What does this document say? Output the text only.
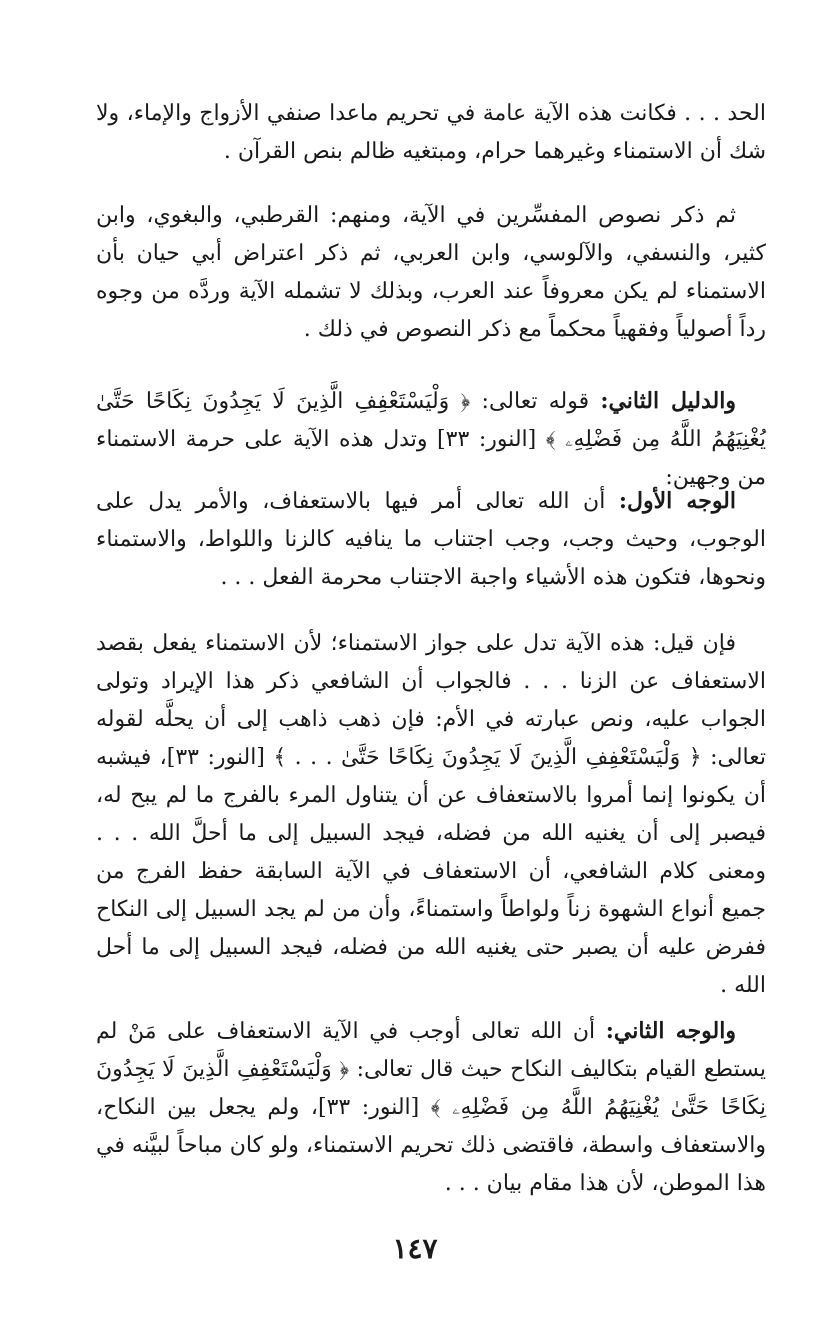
الحد . . . فكانت هذه الآية عامة في تحريم ماعدا صنفي الأزواج والإماء، ولا شك أن الاستمناء وغيرهما حرام، ومبتغيه ظالم بنص القرآن .

ثم ذكر نصوص المفسِّرين في الآية، ومنهم: القرطبي، والبغوي، وابن كثير، والنسفي، والآلوسي، وابن العربي، ثم ذكر اعتراض أبي حيان بأن الاستمناء لم يكن معروفاً عند العرب، وبذلك لا تشمله الآية وردَّه من وجوه رداً أصولياً وفقهياً محكماً مع ذكر النصوص في ذلك .

والدليل الثاني: قوله تعالى: ﴿ وَلْيَسْتَعْفِفِ الَّذِينَ لَا يَجِدُونَ نِكَاحًا حَتَّىٰ يُغْنِيَهُمُ اللَّهُ مِن فَضْلِهِۦ ﴾ [النور: ٣٣] وتدل هذه الآية على حرمة الاستمناء من وجهين:

الوجه الأول: أن الله تعالى أمر فيها بالاستعفاف، والأمر يدل على الوجوب، وحيث وجب، وجب اجتناب ما ينافيه كالزنا واللواط، والاستمناء ونحوها، فتكون هذه الأشياء واجبة الاجتناب محرمة الفعل . . .

فإن قيل: هذه الآية تدل على جواز الاستمناء؛ لأن الاستمناء يفعل بقصد الاستعفاف عن الزنا . . . فالجواب أن الشافعي ذكر هذا الإيراد وتولى الجواب عليه، ونص عبارته في الأم: فإن ذهب ذاهب إلى أن يحلَّه لقوله تعالى: ﴿ وَلْيَسْتَعْفِفِ الَّذِينَ لَا يَجِدُونَ نِكَاحًا حَتَّىٰ . . . ﴾ [النور: ٣٣]، فيشبه أن يكونوا إنما أمروا بالاستعفاف عن أن يتناول المرء بالفرج ما لم يبح له، فيصبر إلى أن يغنيه الله من فضله، فيجد السبيل إلى ما أحلَّ الله . . . ومعنى كلام الشافعي، أن الاستعفاف في الآية السابقة حفظ الفرج من جميع أنواع الشهوة زناً ولواطاً واستمناءً، وأن من لم يجد السبيل إلى النكاح ففرض عليه أن يصبر حتى يغنيه الله من فضله، فيجد السبيل إلى ما أحل الله .

والوجه الثاني: أن الله تعالى أوجب في الآية الاستعفاف على مَنْ لم يستطع القيام بتكاليف النكاح حيث قال تعالى: ﴿ وَلْيَسْتَعْفِفِ الَّذِينَ لَا يَجِدُونَ نِكَاحًا حَتَّىٰ يُغْنِيَهُمُ اللَّهُ مِن فَضْلِهِۦ ﴾ [النور: ٣٣]، ولم يجعل بين النكاح، والاستعفاف واسطة، فاقتضى ذلك تحريم الاستمناء، ولو كان مباحاً لبيَّنه في هذا الموطن، لأن هذا مقام بيان . . .

١٤٧
